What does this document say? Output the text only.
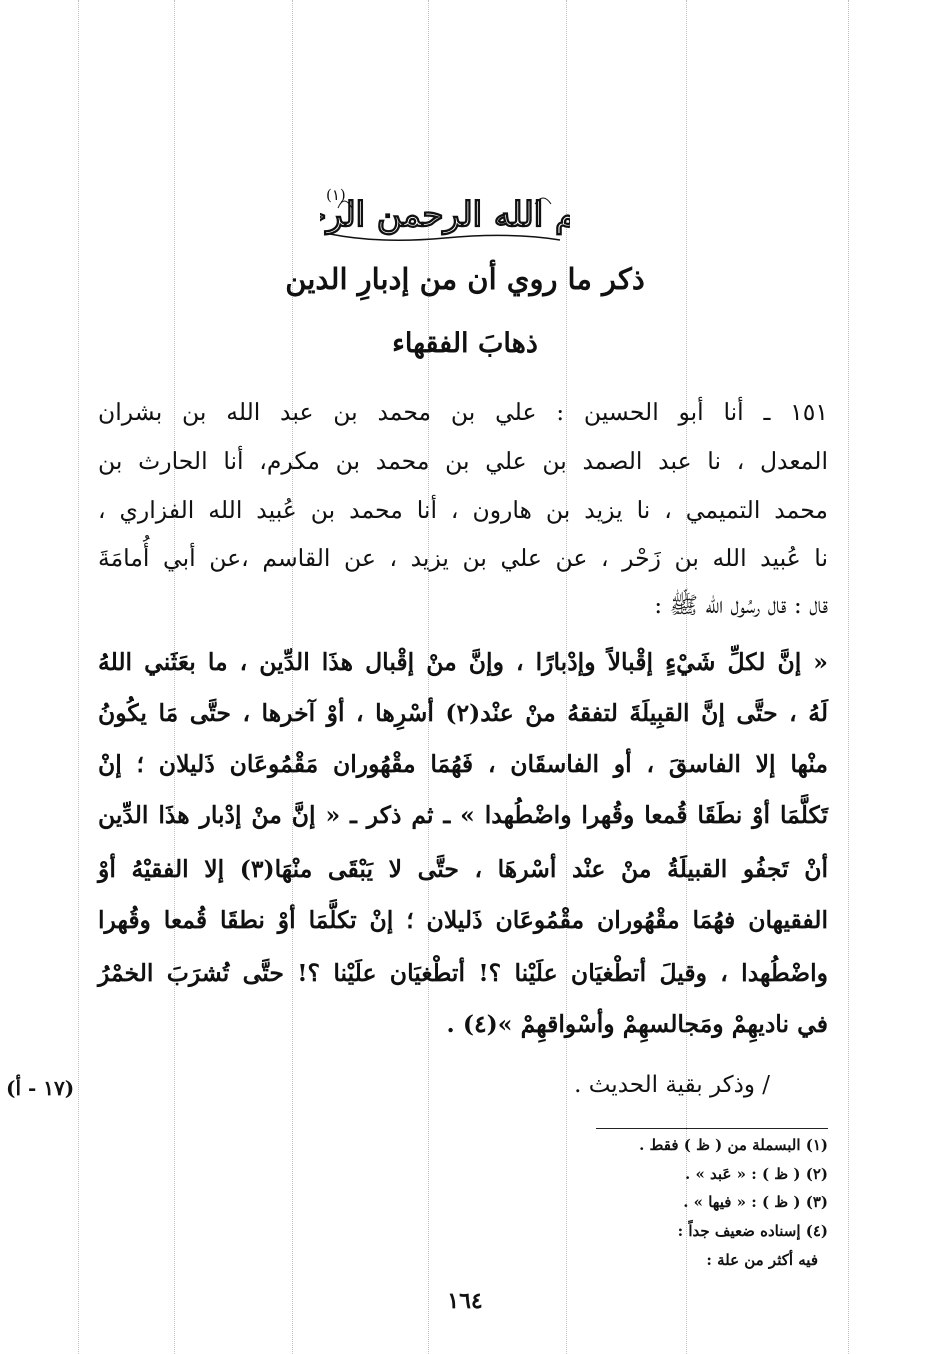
م الله الرحمن الر
(١)
ذكر ما روي أن من إدبارِ الدين
ذهابَ الفقهاء
١٥١ ـ أنا أبو الحسين : علي بن محمد بن عبد الله بن بشران
المعدل ، نا عبد الصمد بن علي بن محمد بن مكرم، أنا الحارث بن
محمد التميمي ، نا يزيد بن هارون ، أنا محمد بن عُبيد الله الفزاري ،
نا عُبيد الله بن زَحْر ، عن علي بن يزيد ، عن القاسم ،عن أبي أُمامَةَ
قال : قال رسُول الله ﷺ :
« إنَّ لكلِّ شَيْءٍ إقْبالاً وإدْبارًا ، وإنَّ منْ إقْبال هذَا الدِّين ، ما بعَثَني اللهُ
لَهُ ، حتَّى إنَّ القبِيلَةَ لتفقهُ منْ عنْد(٢) أسْرِها ، أوْ آخرها ، حتَّى مَا يكُونُ
منْها إلا الفاسقَ ، أو الفاسقَان ، فَهُمَا مقْهُوران مَقْمُوعَان ذَليلان ؛ إنْ
تَكلَّمَا أوْ نطَقَا قُمعا وقُهرا واضْطُهدا » ـ ثم ذكر ـ « إنَّ منْ إدْبار هذَا الدِّين
أنْ تَجفُو القبيلَةُ منْ عنْد أسْرهَا ، حتَّى لا يَبْقَى منْهَا(٣) إلا الفقيْهُ أوْ
الفقيهان فهُمَا مقْهُوران مقْمُوعَان ذَليلان ؛ إنْ تكلَّمَا أوْ نطقَا قُمعا وقُهرا
واضْطُهدا ، وقيلَ أتطْغيَان علَيْنا ؟! أتطْغيَان علَيْنا ؟! حتَّى تُشرَبَ الخمْرُ
في ناديهِمْ ومَجالسهِمْ وأسْواقهِمْ »(٤) .
(١٧ - أ)	/ وذكر بقية الحديث .
(١) البسملة من ( ظ ) فقط .
(٢) ( ظ ) : « عَبد » .
(٣) ( ظ ) : « فيها » .
(٤) إسناده ضعيف جداً :
فيه أكثر من علة :
١٦٤
